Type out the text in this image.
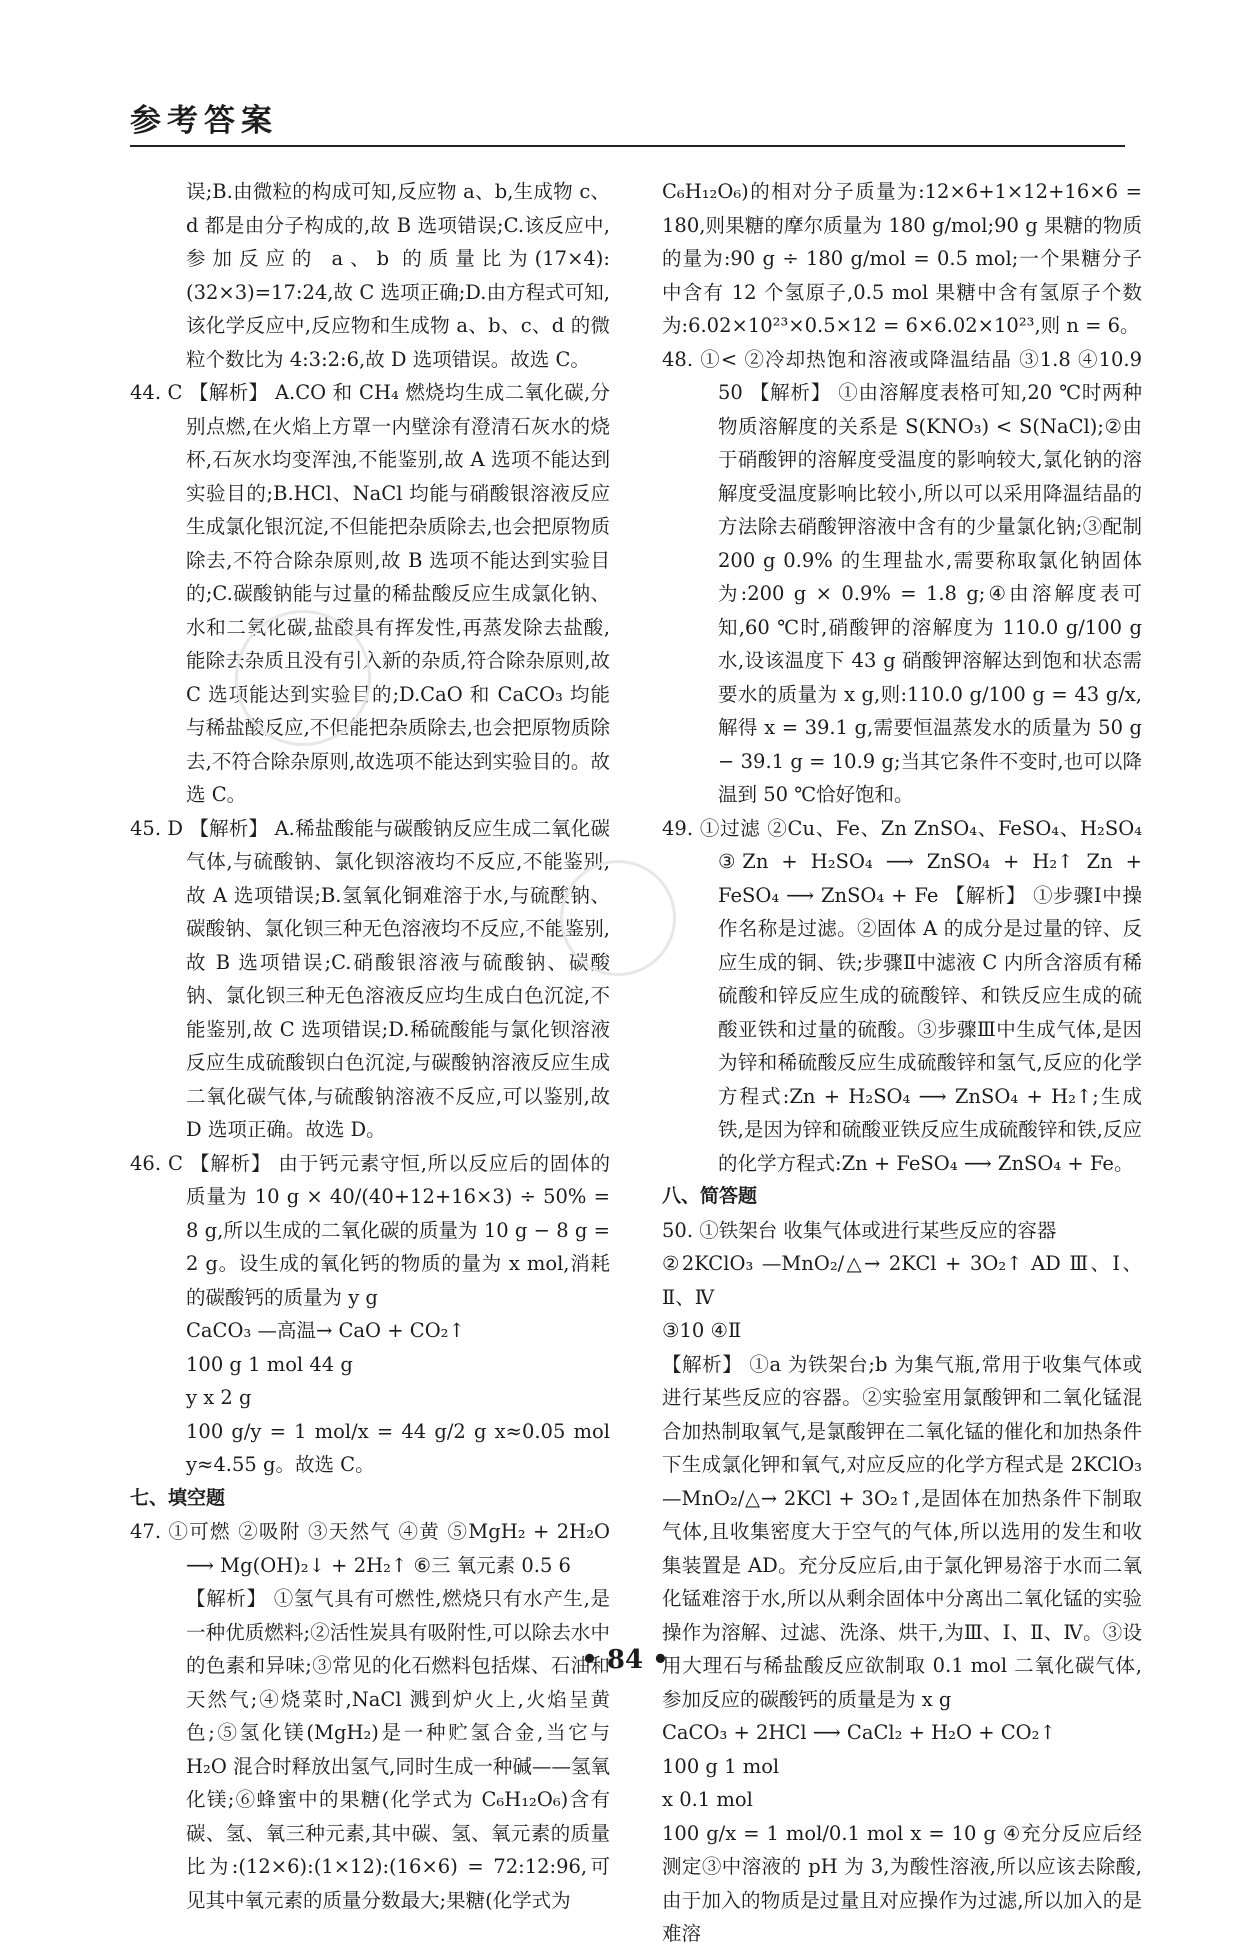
参考答案

误;B.由微粒的构成可知,反应物 a、b,生成物 c、d 都是由分子构成的,故 B 选项错误;C.该反应中,参加反应的 a、b 的质量比为(17×4):(32×3)=17:24,故 C 选项正确;D.由方程式可知,该化学反应中,反应物和生成物 a、b、c、d 的微粒个数比为 4:3:2:6,故 D 选项错误。故选 C。

44. C 【解析】 A.CO 和 CH₄ 燃烧均生成二氧化碳,分别点燃,在火焰上方罩一内壁涂有澄清石灰水的烧杯,石灰水均变浑浊,不能鉴别,故 A 选项不能达到实验目的;B.HCl、NaCl 均能与硝酸银溶液反应生成氯化银沉淀,不但能把杂质除去,也会把原物质除去,不符合除杂原则,故 B 选项不能达到实验目的;C.碳酸钠能与过量的稀盐酸反应生成氯化钠、水和二氧化碳,盐酸具有挥发性,再蒸发除去盐酸,能除去杂质且没有引入新的杂质,符合除杂原则,故 C 选项能达到实验目的;D.CaO 和 CaCO₃ 均能与稀盐酸反应,不但能把杂质除去,也会把原物质除去,不符合除杂原则,故选项不能达到实验目的。故选 C。

45. D 【解析】 A.稀盐酸能与碳酸钠反应生成二氧化碳气体,与硫酸钠、氯化钡溶液均不反应,不能鉴别,故 A 选项错误;B.氢氧化铜难溶于水,与硫酸钠、碳酸钠、氯化钡三种无色溶液均不反应,不能鉴别,故 B 选项错误;C.硝酸银溶液与硫酸钠、碳酸钠、氯化钡三种无色溶液反应均生成白色沉淀,不能鉴别,故 C 选项错误;D.稀硫酸能与氯化钡溶液反应生成硫酸钡白色沉淀,与碳酸钠溶液反应生成二氧化碳气体,与硫酸钠溶液不反应,可以鉴别,故 D 选项正确。故选 D。

46. C 【解析】 由于钙元素守恒,所以反应后的固体的质量为 10 g × 40/(40+12+16×3) ÷ 50% = 8 g,所以生成的二氧化碳的质量为 10 g − 8 g = 2 g。设生成的氧化钙的物质的量为 x mol,消耗的碳酸钙的质量为 y g

CaCO₃ —高温→ CaO + CO₂↑

100 g 1 mol 44 g

y x 2 g

100 g/y = 1 mol/x = 44 g/2 g x≈0.05 mol y≈4.55 g。故选 C。

七、填空题

47. ①可燃 ②吸附 ③天然气 ④黄 ⑤MgH₂ + 2H₂O ⟶ Mg(OH)₂↓ + 2H₂↑ ⑥三 氧元素 0.5 6

【解析】 ①氢气具有可燃性,燃烧只有水产生,是一种优质燃料;②活性炭具有吸附性,可以除去水中的色素和异味;③常见的化石燃料包括煤、石油和天然气;④烧菜时,NaCl 溅到炉火上,火焰呈黄色;⑤氢化镁(MgH₂)是一种贮氢合金,当它与 H₂O 混合时释放出氢气,同时生成一种碱——氢氧化镁;⑥蜂蜜中的果糖(化学式为 C₆H₁₂O₆)含有碳、氢、氧三种元素,其中碳、氢、氧元素的质量比为:(12×6):(1×12):(16×6) = 72:12:96,可见其中氧元素的质量分数最大;果糖(化学式为

C₆H₁₂O₆)的相对分子质量为:12×6+1×12+16×6 = 180,则果糖的摩尔质量为 180 g/mol;90 g 果糖的物质的量为:90 g ÷ 180 g/mol = 0.5 mol;一个果糖分子中含有 12 个氢原子,0.5 mol 果糖中含有氢原子个数为:6.02×10²³×0.5×12 = 6×6.02×10²³,则 n = 6。

48. ①< ②冷却热饱和溶液或降温结晶 ③1.8 ④10.9 50 【解析】 ①由溶解度表格可知,20 ℃时两种物质溶解度的关系是 S(KNO₃) < S(NaCl);②由于硝酸钾的溶解度受温度的影响较大,氯化钠的溶解度受温度影响比较小,所以可以采用降温结晶的方法除去硝酸钾溶液中含有的少量氯化钠;③配制 200 g 0.9% 的生理盐水,需要称取氯化钠固体为:200 g × 0.9% = 1.8 g;④由溶解度表可知,60 ℃时,硝酸钾的溶解度为 110.0 g/100 g 水,设该温度下 43 g 硝酸钾溶解达到饱和状态需要水的质量为 x g,则:110.0 g/100 g = 43 g/x,解得 x = 39.1 g,需要恒温蒸发水的质量为 50 g − 39.1 g = 10.9 g;当其它条件不变时,也可以降温到 50 ℃恰好饱和。

49. ①过滤 ②Cu、Fe、Zn ZnSO₄、FeSO₄、H₂SO₄ ③Zn + H₂SO₄ ⟶ ZnSO₄ + H₂↑ Zn + FeSO₄ ⟶ ZnSO₄ + Fe 【解析】 ①步骤Ⅰ中操作名称是过滤。②固体 A 的成分是过量的锌、反应生成的铜、铁;步骤Ⅱ中滤液 C 内所含溶质有稀硫酸和锌反应生成的硫酸锌、和铁反应生成的硫酸亚铁和过量的硫酸。③步骤Ⅲ中生成气体,是因为锌和稀硫酸反应生成硫酸锌和氢气,反应的化学方程式:Zn + H₂SO₄ ⟶ ZnSO₄ + H₂↑;生成铁,是因为锌和硫酸亚铁反应生成硫酸锌和铁,反应的化学方程式:Zn + FeSO₄ ⟶ ZnSO₄ + Fe。

八、简答题

50. ①铁架台 收集气体或进行某些反应的容器

②2KClO₃ —MnO₂/△→ 2KCl + 3O₂↑ AD Ⅲ、Ⅰ、Ⅱ、Ⅳ

③10 ④Ⅱ

【解析】 ①a 为铁架台;b 为集气瓶,常用于收集气体或进行某些反应的容器。②实验室用氯酸钾和二氧化锰混合加热制取氧气,是氯酸钾在二氧化锰的催化和加热条件下生成氯化钾和氧气,对应反应的化学方程式是 2KClO₃ —MnO₂/△→ 2KCl + 3O₂↑,是固体在加热条件下制取气体,且收集密度大于空气的气体,所以选用的发生和收集装置是 AD。充分反应后,由于氯化钾易溶于水而二氧化锰难溶于水,所以从剩余固体中分离出二氧化锰的实验操作为溶解、过滤、洗涤、烘干,为Ⅲ、Ⅰ、Ⅱ、Ⅳ。③设用大理石与稀盐酸反应欲制取 0.1 mol 二氧化碳气体,参加反应的碳酸钙的质量是为 x g

CaCO₃ + 2HCl ⟶ CaCl₂ + H₂O + CO₂↑

100 g 1 mol

x 0.1 mol

100 g/x = 1 mol/0.1 mol x = 10 g ④充分反应后经测定③中溶液的 pH 为 3,为酸性溶液,所以应该去除酸,由于加入的物质是过量且对应操作为过滤,所以加入的是难溶

• 84 •
